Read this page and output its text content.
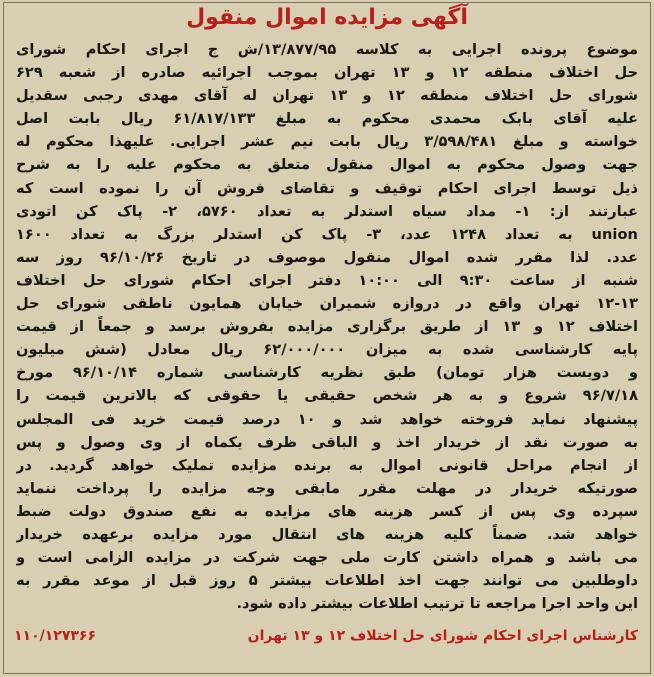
آگهی مزایده اموال منقول
موضوع پرونده اجرایی به کلاسه ۱۳/۸۷۷/۹۵/ش ج اجرای احکام شورای
حل اختلاف منطقه ۱۲ و ۱۳ تهران بموجب اجرائیه صادره از شعبه ۶۲۹
شورای حل اختلاف منطقه ۱۲ و ۱۳ تهران له آقای مهدی رجبی سقدیل
علیه آقای بابک محمدی محکوم به مبلغ ۶۱/۸۱۷/۱۳۳ ریال بابت اصل
خواسته و مبلغ ۳/۵۹۸/۴۸۱ ریال بابت نیم عشر اجرایی. علیهذا محکوم له
جهت وصول محکوم به اموال منقول متعلق به محکوم علیه را به شرح
ذیل توسط اجرای احکام توقیف و تقاضای فروش آن را نموده است که
عبارتند از: ۱- مداد سیاه استدلر به تعداد ۵۷۶۰، ۲- پاک کن اتودی
union به تعداد ۱۲۴۸ عدد، ۳- پاک کن استدلر بزرگ به تعداد ۱۶۰۰
عدد. لذا مقرر شده اموال منقول موصوف در تاریخ ۹۶/۱۰/۲۶ روز سه
شنبه از ساعت ۹:۳۰ الی ۱۰:۰۰ دفتر اجرای احکام شورای حل اختلاف
۱۲-۱۳ تهران واقع در دروازه شمیران خیابان همایون ناطقی شورای حل
اختلاف ۱۲ و ۱۳ از طریق برگزاری مزایده بفروش برسد و جمعاً از قیمت
پایه کارشناسی شده به میزان ۶۲/۰۰۰/۰۰۰ ریال معادل (شش میلیون
و دویست هزار تومان) طبق نظریه کارشناسی شماره ۹۶/۱۰/۱۴ مورخ
۹۶/۷/۱۸ شروع و به هر شخص حقیقی یا حقوقی که بالاترین قیمت را
پیشنهاد نماید فروخته خواهد شد و ۱۰ درصد قیمت خرید فی المجلس
به صورت نقد از خریدار اخذ و الباقی ظرف یکماه از وی وصول و پس
از انجام مراحل قانونی اموال به برنده مزایده تملیک خواهد گردید. در
صورتیکه خریدار در مهلت مقرر مابقی وجه مزایده را پرداخت ننماید
سپرده وی پس از کسر هزینه های مزایده به نفع صندوق دولت ضبط
خواهد شد. ضمناً کلیه هزینه های انتقال مورد مزایده برعهده خریدار
می باشد و همراه داشتن کارت ملی جهت شرکت در مزایده الزامی است و
داوطلبین می توانند جهت اخذ اطلاعات بیشتر ۵ روز قبل از موعد مقرر به
این واحد اجرا مراجعه تا ترتیب اطلاعات بیشتر داده شود.
کارشناس اجرای احکام شورای حل اختلاف ۱۲ و ۱۳ تهران
۱۱۰/۱۲۷۳۶۶
